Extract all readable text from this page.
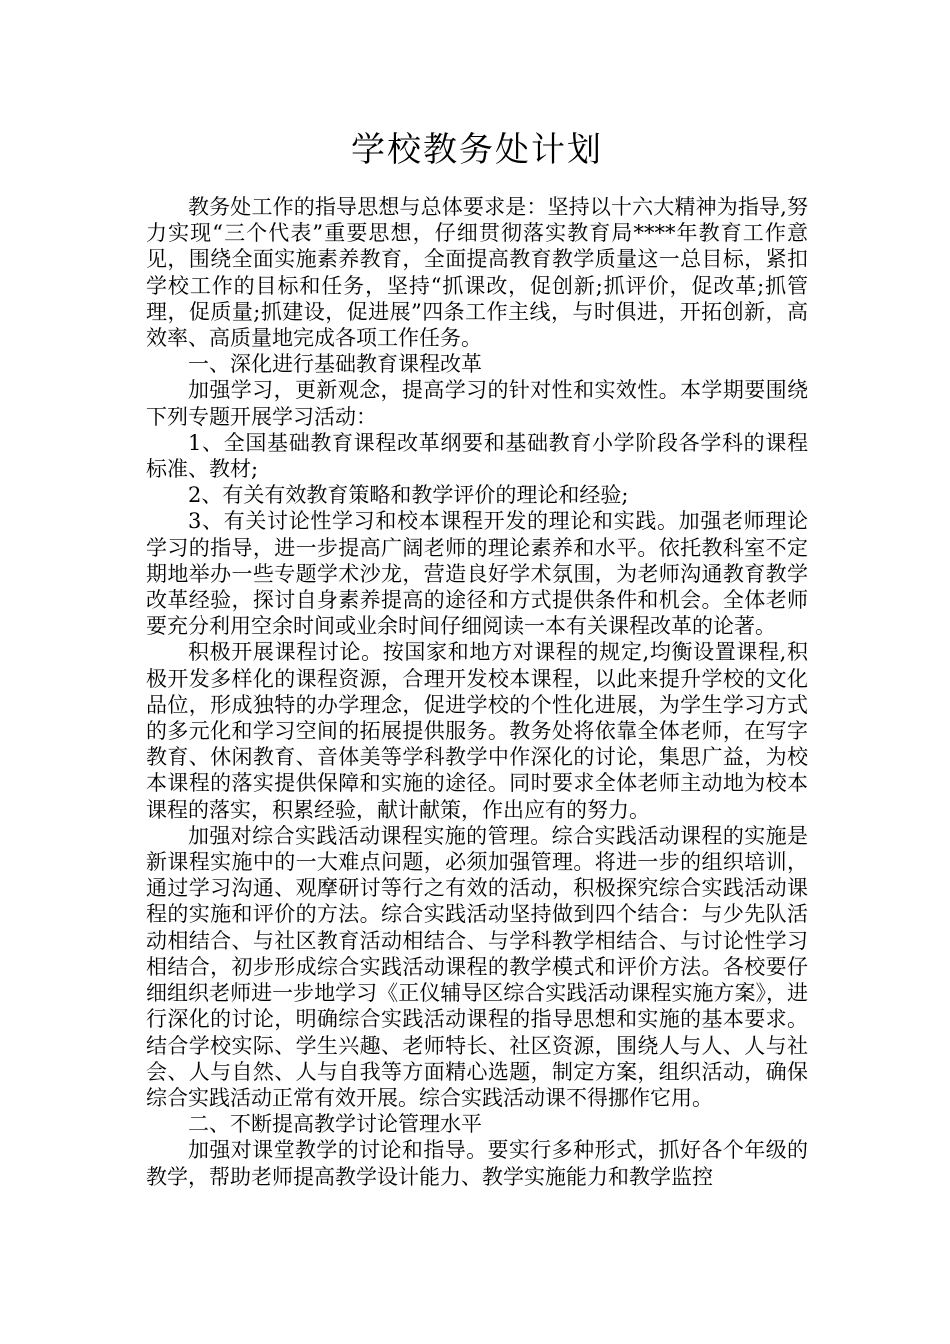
学校教务处计划

教务处工作的指导思想与总体要求是：坚持以十六大精神为指导,努力实现“三个代表”重要思想，仔细贯彻落实教育局****年教育工作意见，围绕全面实施素养教育，全面提高教育教学质量这一总目标，紧扣学校工作的目标和任务，坚持“抓课改，促创新;抓评价，促改革;抓管理，促质量;抓建设，促进展”四条工作主线，与时俱进，开拓创新，高效率、高质量地完成各项工作任务。

一、深化进行基础教育课程改革

加强学习，更新观念，提高学习的针对性和实效性。本学期要围绕下列专题开展学习活动：

1、全国基础教育课程改革纲要和基础教育小学阶段各学科的课程标准、教材;

2、有关有效教育策略和教学评价的理论和经验;

3、有关讨论性学习和校本课程开发的理论和实践。加强老师理论学习的指导，进一步提高广阔老师的理论素养和水平。依托教科室不定期地举办一些专题学术沙龙，营造良好学术氛围，为老师沟通教育教学改革经验，探讨自身素养提高的途径和方式提供条件和机会。全体老师要充分利用空余时间或业余时间仔细阅读一本有关课程改革的论著。

积极开展课程讨论。按国家和地方对课程的规定,均衡设置课程,积极开发多样化的课程资源，合理开发校本课程，以此来提升学校的文化品位，形成独特的办学理念，促进学校的个性化进展，为学生学习方式的多元化和学习空间的拓展提供服务。教务处将依靠全体老师，在写字教育、休闲教育、音体美等学科教学中作深化的讨论，集思广益，为校本课程的落实提供保障和实施的途径。同时要求全体老师主动地为校本课程的落实，积累经验，献计献策，作出应有的努力。

加强对综合实践活动课程实施的管理。综合实践活动课程的实施是新课程实施中的一大难点问题，必须加强管理。将进一步的组织培训，通过学习沟通、观摩研讨等行之有效的活动，积极探究综合实践活动课程的实施和评价的方法。综合实践活动坚持做到四个结合：与少先队活动相结合、与社区教育活动相结合、与学科教学相结合、与讨论性学习相结合，初步形成综合实践活动课程的教学模式和评价方法。各校要仔细组织老师进一步地学习《正仪辅导区综合实践活动课程实施方案》，进行深化的讨论，明确综合实践活动课程的指导思想和实施的基本要求。结合学校实际、学生兴趣、老师特长、社区资源，围绕人与人、人与社会、人与自然、人与自我等方面精心选题，制定方案，组织活动，确保综合实践活动正常有效开展。综合实践活动课不得挪作它用。

二、不断提高教学讨论管理水平

加强对课堂教学的讨论和指导。要实行多种形式，抓好各个年级的教学，帮助老师提高教学设计能力、教学实施能力和教学监控
